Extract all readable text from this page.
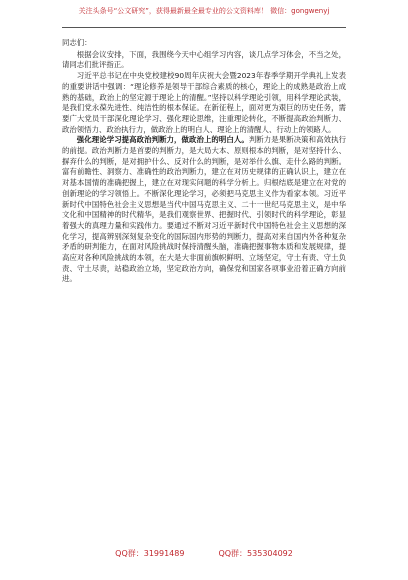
关注头条号“公文研究”，获得最新最全最专业的公文资料库！ 微信：gongwenyj

同志们：

根据会议安排，下面，我围绕今天中心组学习内容，谈几点学习体会，不当之处，请同志们批评指正。

习近平总书记在中央党校建校90周年庆祝大会暨2023年春季学期开学典礼上发表的重要讲话中强调：“理论修养是领导干部综合素质的核心，理论上的成熟是政治上成熟的基础，政治上的坚定源于理论上的清醒。”坚持以科学理论引领，用科学理论武装，是我们党永葆先进性、纯洁性的根本保证。在新征程上，面对更为艰巨的历史任务，需要广大党员干部深化理论学习、强化理论思维，注重理论转化，不断提高政治判断力、政治领悟力、政治执行力，做政治上的明白人、理论上的清醒人、行动上的领路人。

强化理论学习提高政治判断力，做政治上的明白人。判断力是果断决策和高效执行的前提。政治判断力是首要的判断力，是大局大本、原则根本的判断，是对坚持什么、摒弃什么的判断，是对拥护什么、反对什么的判断，是对举什么旗、走什么路的判断。富有前瞻性、洞察力、准确性的政治判断力，建立在对历史规律的正确认识上，建立在对基本国情的准确把握上，建立在对现实问题的科学分析上。归根结底是建立在对党的创新理论的学习领悟上。不断深化理论学习，必须把马克思主义作为看家本领。习近平新时代中国特色社会主义思想是当代中国马克思主义、二十一世纪马克思主义，是中华文化和中国精神的时代精华，是我们观察世界、把握时代、引领时代的科学理论，彰显着强大的真理力量和实践伟力。要通过不断对习近平新时代中国特色社会主义思想的深化学习，提高辨别深刻复杂变化的国际国内形势的判断力，提高对来自国内外各种复杂矛盾的研判能力，在面对风险挑战时保持清醒头脑，准确把握事物本质和发展规律，提高应对各种风险挑战的本领，在大是大非面前旗帜鲜明、立场坚定，守土有责、守土负责、守土尽责，站稳政治立场，坚定政治方向，确保党和国家各项事业沿着正确方向前进。

QQ群：31991489	QQ群：535304092
